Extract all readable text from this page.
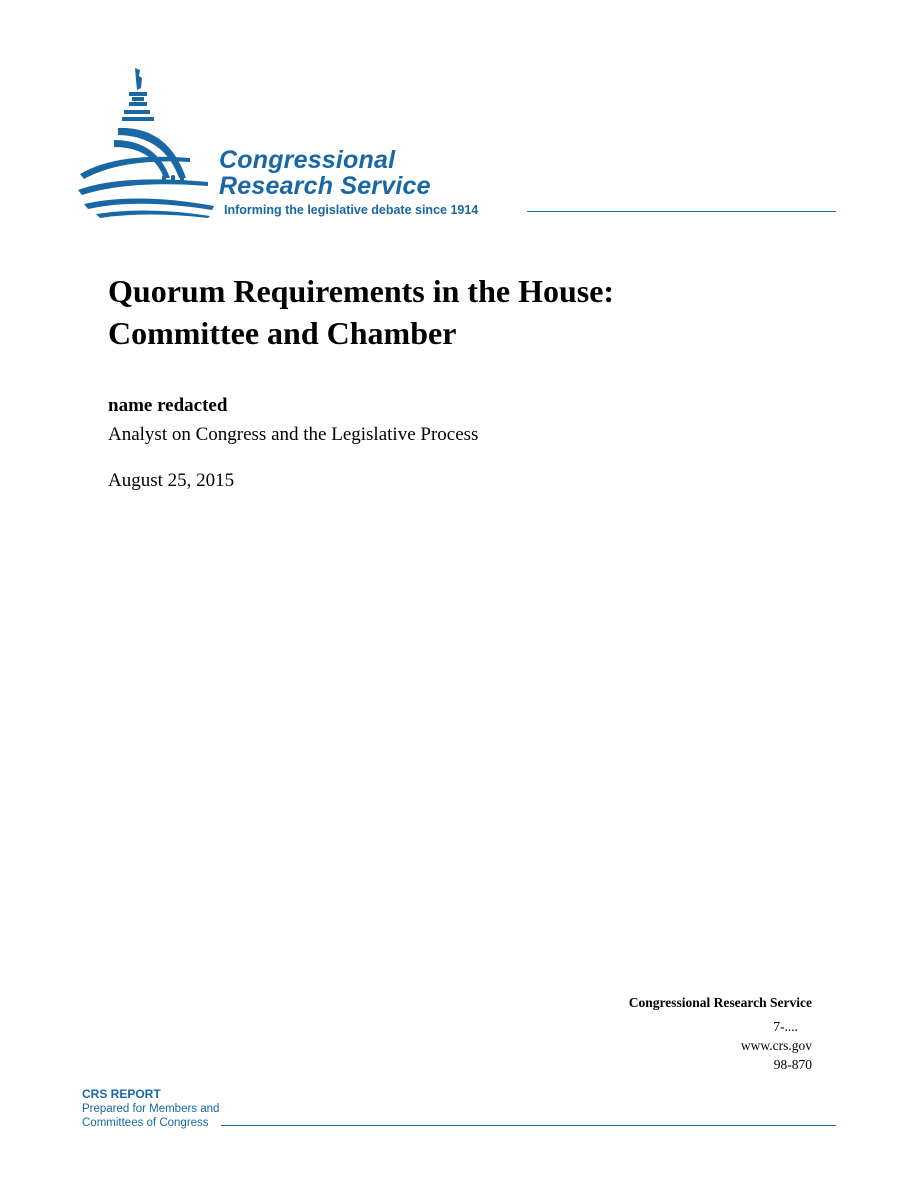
Congressional
Research Service
Informing the legislative debate since 1914
Quorum Requirements in the House:
Committee and Chamber
name redacted
Analyst on Congress and the Legislative Process
August 25, 2015
Congressional Research Service
7-....
www.crs.gov
98-870
CRS REPORT
Prepared for Members and
Committees of Congress
